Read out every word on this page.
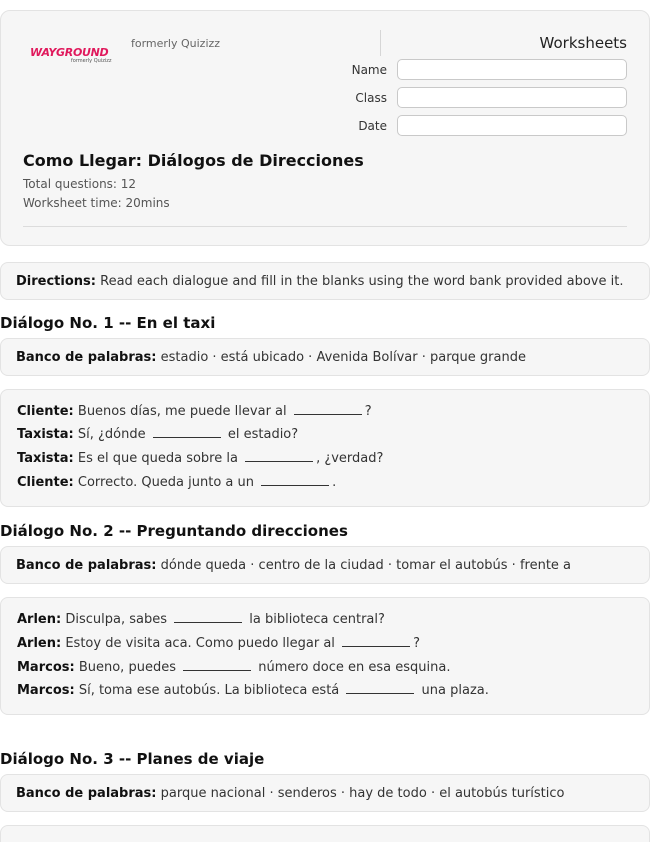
WAYGROUND
formerly Quizizz
formerly Quizizz	Worksheets
Name
Class
Date
Como Llegar: Diálogos de Direcciones
Total questions: 12
Worksheet time: 20mins
Directions: Read each dialogue and fill in the blanks using the word bank provided above it.
Diálogo No. 1 -- En el taxi
Banco de palabras: estadio · está ubicado · Avenida Bolívar · parque grande
Cliente: Buenos días, me puede llevar al	?
Taxista: Sí, ¿dónde	el estadio?
Taxista: Es el que queda sobre la	, ¿verdad?
Cliente: Correcto. Queda junto a un	.
Diálogo No. 2 -- Preguntando direcciones
Banco de palabras: dónde queda · centro de la ciudad · tomar el autobús · frente a
Arlen: Disculpa, sabes	la biblioteca central?
Arlen: Estoy de visita aca. Como puedo llegar al	?
Marcos: Bueno, puedes	número doce en esa esquina.
Marcos: Sí, toma ese autobús. La biblioteca está	una plaza.
Diálogo No. 3 -- Planes de viaje
Banco de palabras: parque nacional · senderos · hay de todo · el autobús turístico
